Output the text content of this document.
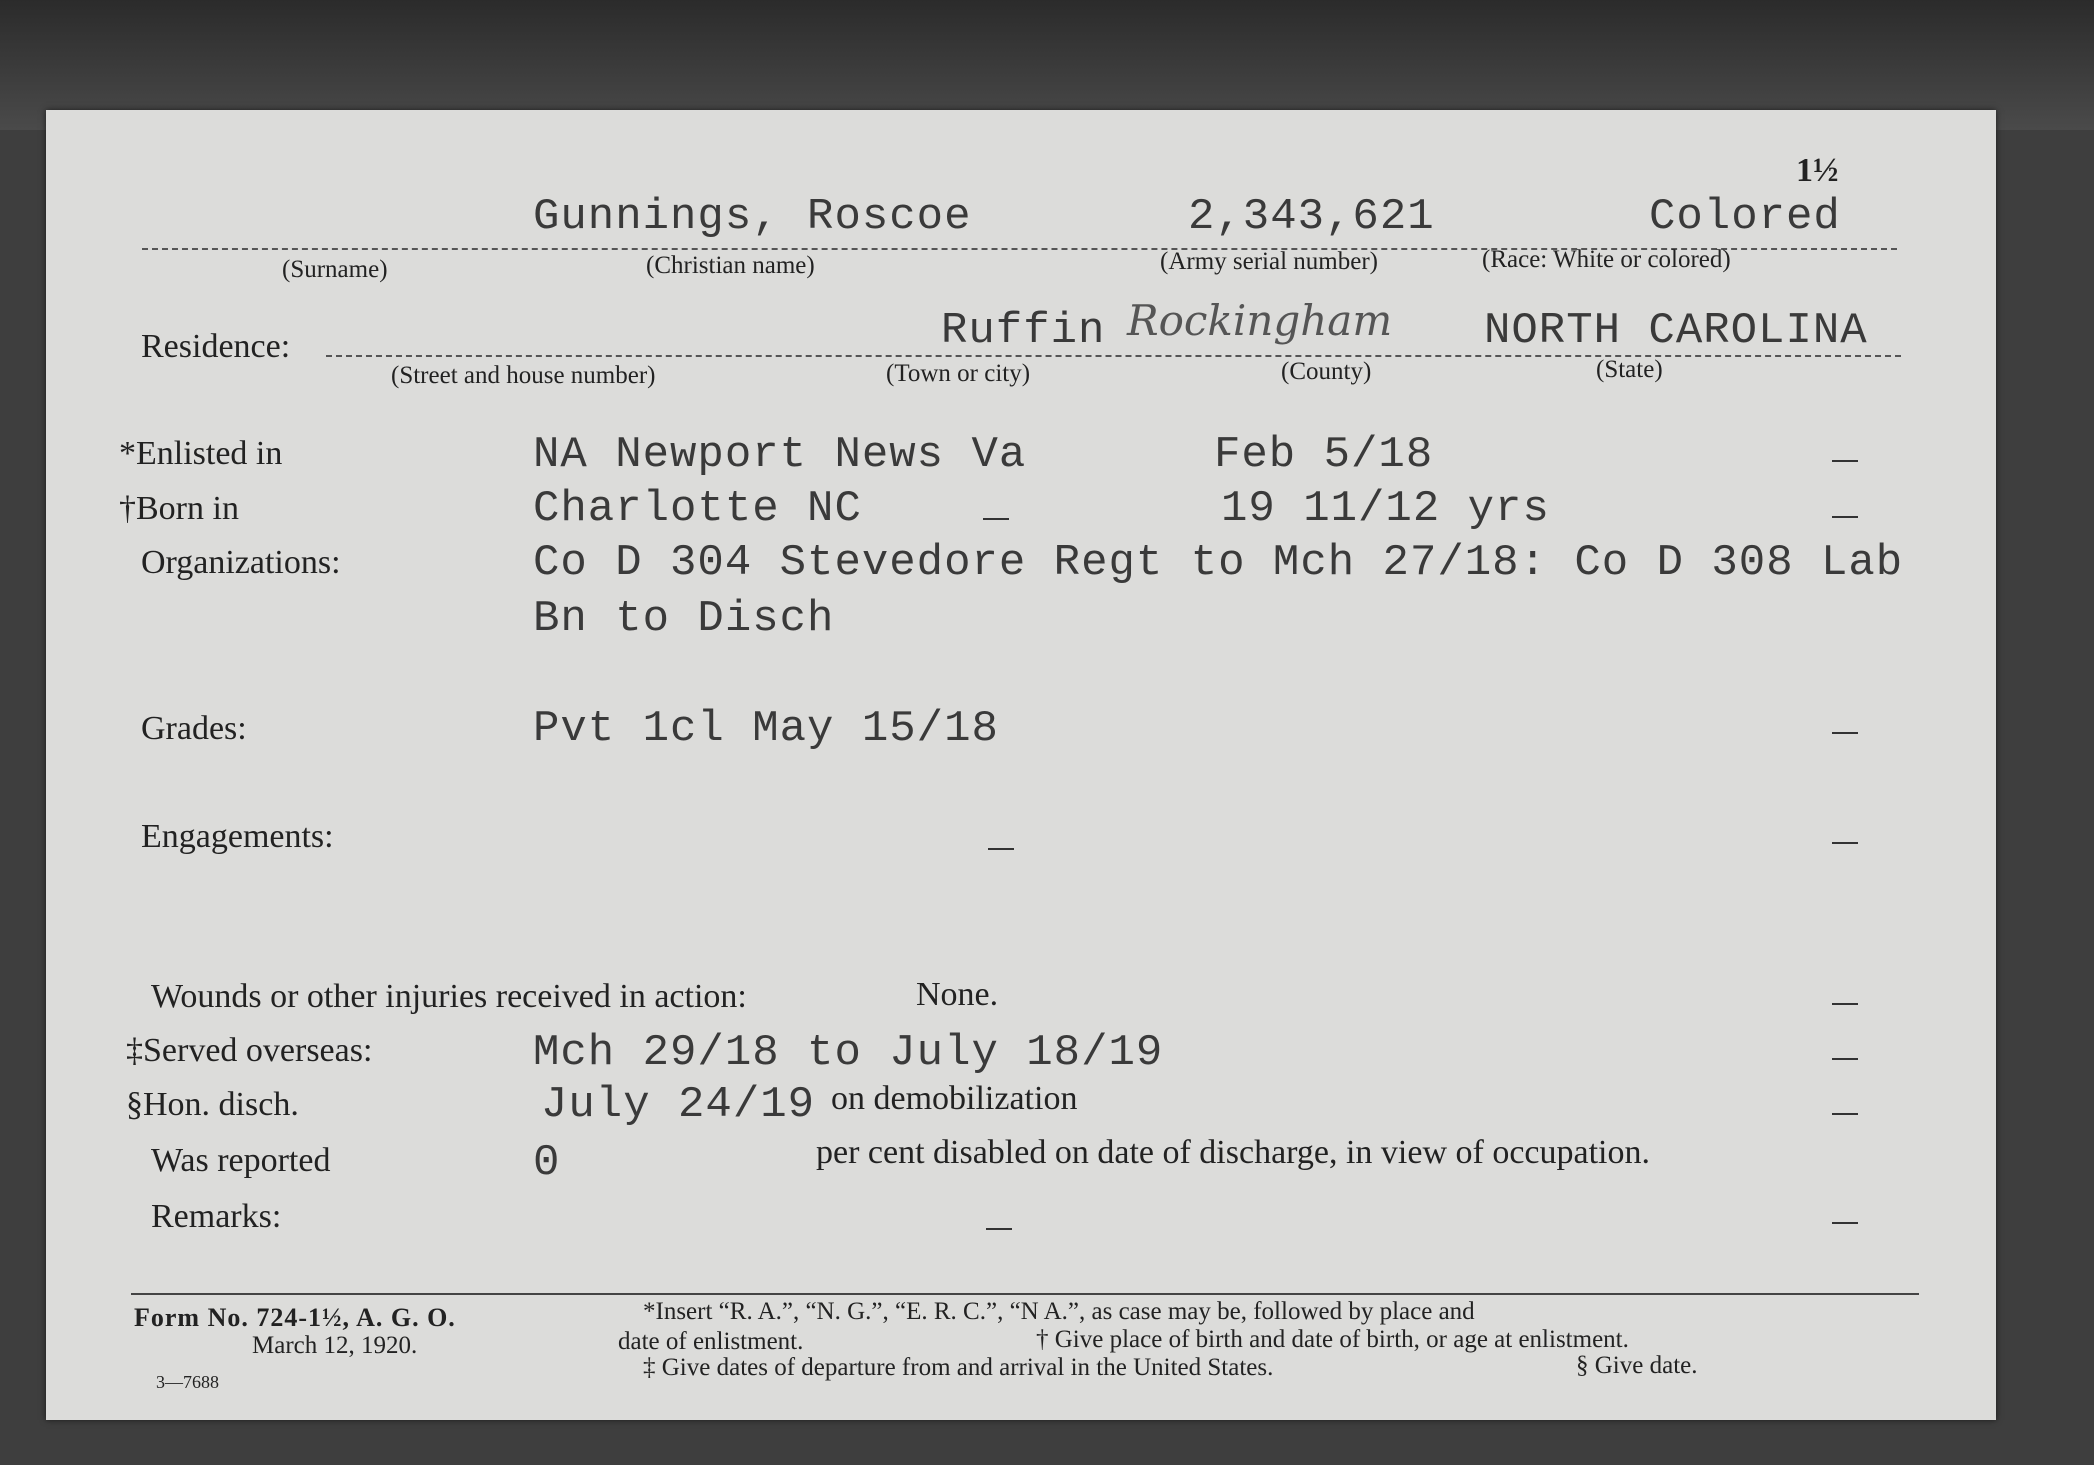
1½
Gunnings, Roscoe	2,343,621	Colored
(Surname)	(Christian name)	(Army serial number)	(Race: White or colored)
Residence:	Ruffin Rockingham NORTH CAROLINA
(Street and house number)	(Town or city)	(County)	(State)
*Enlisted in	NA Newport News Va	Feb 5/18
†Born in	Charlotte NC	19 11/12 yrs
Organizations:	Co D 304 Stevedore Regt to Mch 27/18: Co D 308 Lab
Bn to Disch
Grades:	Pvt 1cl May 15/18
Engagements:
Wounds or other injuries received in action:	None.
‡Served overseas:	Mch 29/18 to July 18/19
§Hon. disch.	July 24/19 on demobilization
Was reported	0	per cent disabled on date of discharge, in view of occupation.
Remarks:
Form No. 724-1½, A. G. O.
March 12, 1920.
3—7688
*Insert “R. A.”, “N. G.”, “E. R. C.”, “N A.”, as case may be, followed by place and
date of enlistment.	† Give place of birth and date of birth, or age at enlistment.
‡ Give dates of departure from and arrival in the United States.	§ Give date.
